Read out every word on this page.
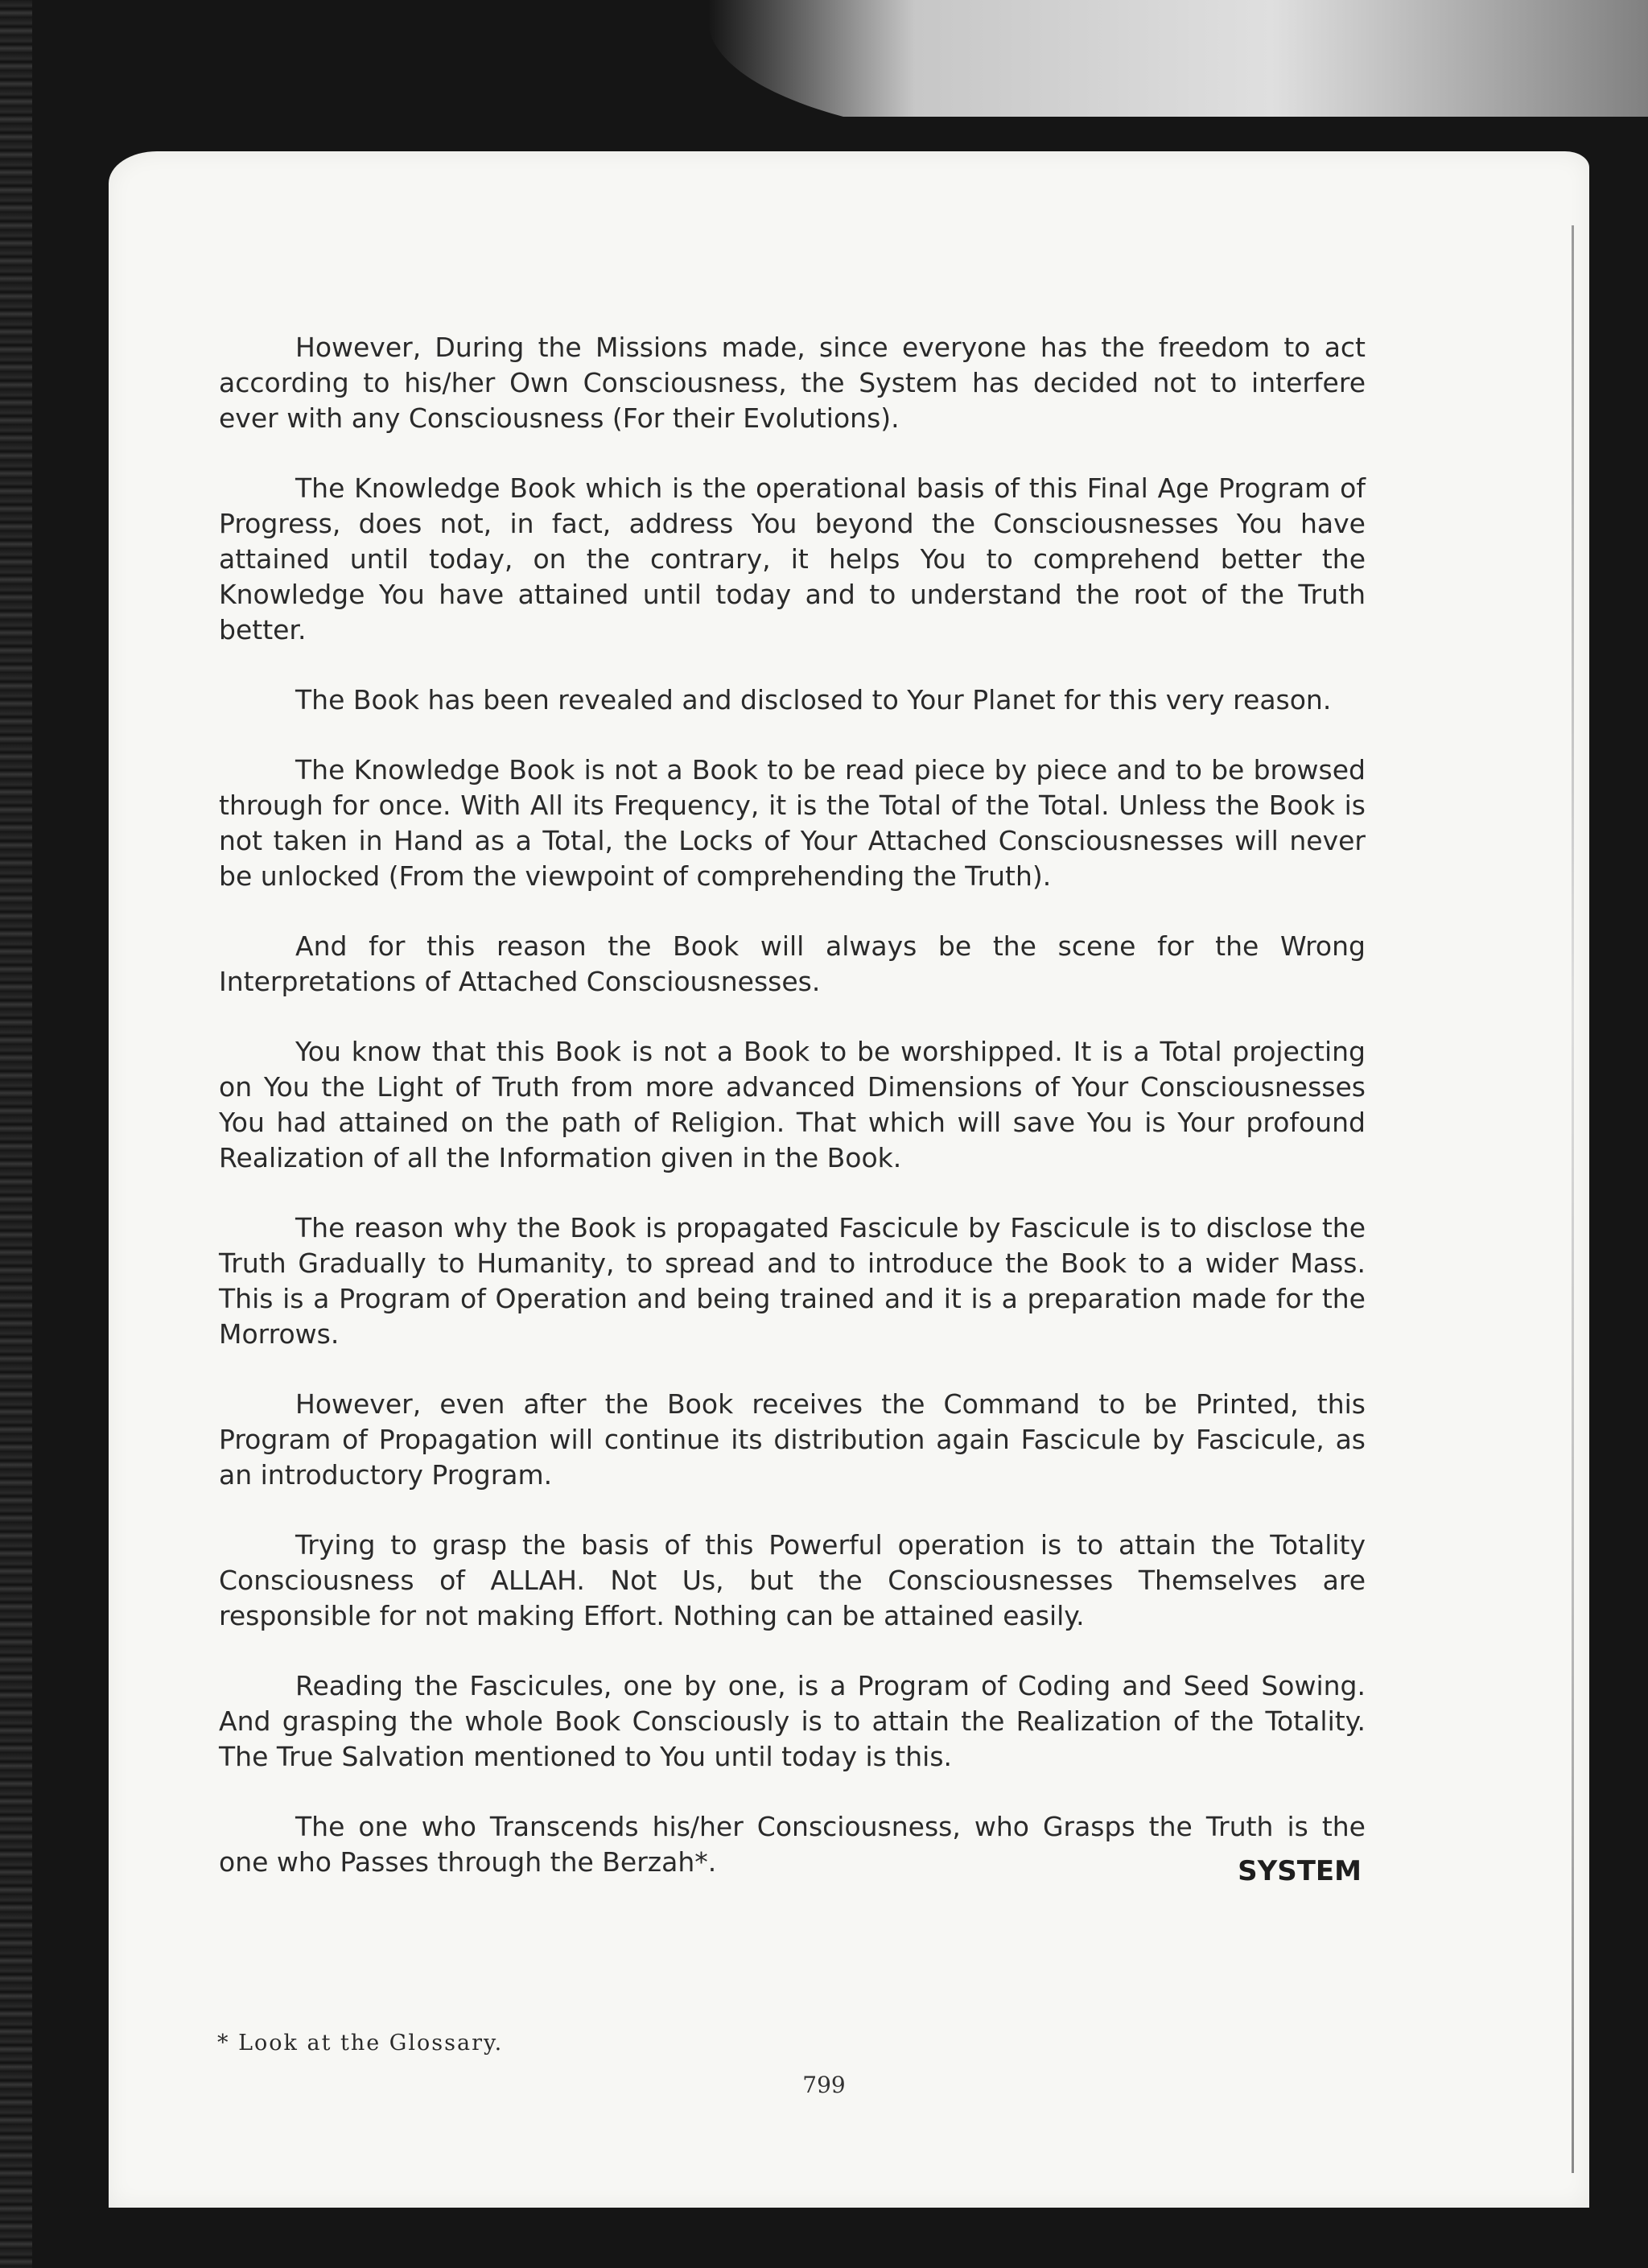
However, During the Missions made, since everyone has the freedom to act according to his/her Own Consciousness, the System has decided not to interfere ever with any Consciousness (For their Evolutions).

The Knowledge Book which is the operational basis of this Final Age Program of Progress, does not, in fact, address You beyond the Consciousnesses You have attained until today, on the contrary, it helps You to comprehend better the Knowledge You have attained until today and to understand the root of the Truth better.

The Book has been revealed and disclosed to Your Planet for this very reason.

The Knowledge Book is not a Book to be read piece by piece and to be browsed through for once. With All its Frequency, it is the Total of the Total. Unless the Book is not taken in Hand as a Total, the Locks of Your Attached Consciousnesses will never be unlocked (From the viewpoint of comprehending the Truth).

And for this reason the Book will always be the scene for the Wrong Interpretations of Attached Consciousnesses.

You know that this Book is not a Book to be worshipped. It is a Total projecting on You the Light of Truth from more advanced Dimensions of Your Consciousnesses You had attained on the path of Religion. That which will save You is Your profound Realization of all the Information given in the Book.

The reason why the Book is propagated Fascicule by Fascicule is to disclose the Truth Gradually to Humanity, to spread and to introduce the Book to a wider Mass. This is a Program of Operation and being trained and it is a preparation made for the Morrows.

However, even after the Book receives the Command to be Printed, this Program of Propagation will continue its distribution again Fascicule by Fascicule, as an introductory Program.

Trying to grasp the basis of this Powerful operation is to attain the Totality Consciousness of ALLAH. Not Us, but the Consciousnesses Themselves are responsible for not making Effort. Nothing can be attained easily.

Reading the Fascicules, one by one, is a Program of Coding and Seed Sowing. And grasping the whole Book Consciously is to attain the Realization of the Totality. The True Salvation mentioned to You until today is this.

The one who Transcends his/her Consciousness, who Grasps the Truth is the one who Passes through the Berzah*.	SYSTEM
* Look at the Glossary.
799
